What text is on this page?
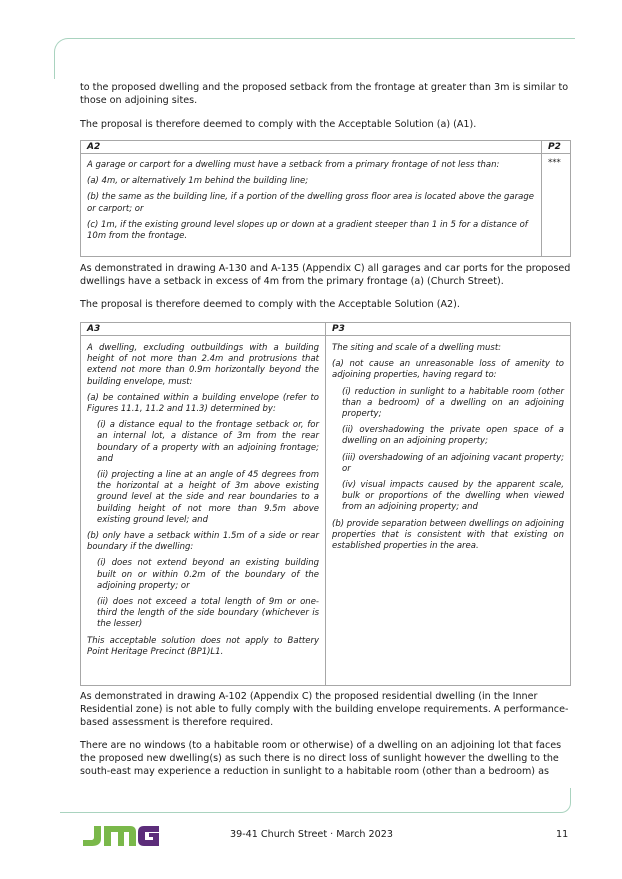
to the proposed dwelling and the proposed setback from the frontage at greater than 3m is similar to those on adjoining sites.

The proposal is therefore deemed to comply with the Acceptable Solution (a) (A1).

A2

A garage or carport for a dwelling must have a setback from a primary frontage of not less than:

(a) 4m, or alternatively 1m behind the building line;

(b) the same as the building line, if a portion of the dwelling gross floor area is located above the garage or carport; or

(c) 1m, if the existing ground level slopes up or down at a gradient steeper than 1 in 5 for a distance of 10m from the frontage.

P2
***

As demonstrated in drawing A-130 and A-135 (Appendix C) all garages and car ports for the proposed dwellings have a setback in excess of 4m from the primary frontage (a) (Church Street).

The proposal is therefore deemed to comply with the Acceptable Solution (A2).

A3

A dwelling, excluding outbuildings with a building height of not more than 2.4m and protrusions that extend not more than 0.9m horizontally beyond the building envelope, must:

(a) be contained within a building envelope (refer to Figures 11.1, 11.2 and 11.3) determined by:

(i) a distance equal to the frontage setback or, for an internal lot, a distance of 3m from the rear boundary of a property with an adjoining frontage; and

(ii) projecting a line at an angle of 45 degrees from the horizontal at a height of 3m above existing ground level at the side and rear boundaries to a building height of not more than 9.5m above existing ground level; and

(b) only have a setback within 1.5m of a side or rear boundary if the dwelling:

(i) does not extend beyond an existing building built on or within 0.2m of the boundary of the adjoining property; or

(ii) does not exceed a total length of 9m or one-third the length of the side boundary (whichever is the lesser)

This acceptable solution does not apply to Battery Point Heritage Precinct (BP1)L1.

P3

The siting and scale of a dwelling must:

(a) not cause an unreasonable loss of amenity to adjoining properties, having regard to:

(i) reduction in sunlight to a habitable room (other than a bedroom) of a dwelling on an adjoining property;

(ii) overshadowing the private open space of a dwelling on an adjoining property;

(iii) overshadowing of an adjoining vacant property; or

(iv) visual impacts caused by the apparent scale, bulk or proportions of the dwelling when viewed from an adjoining property; and

(b) provide separation between dwellings on adjoining properties that is consistent with that existing on established properties in the area.

As demonstrated in drawing A-102 (Appendix C) the proposed residential dwelling (in the Inner Residential zone) is not able to fully comply with the building envelope requirements. A performance-based assessment is therefore required.

There are no windows (to a habitable room or otherwise) of a dwelling on an adjoining lot that faces the proposed new dwelling(s) as such there is no direct loss of sunlight however the dwelling to the south-east may experience a reduction in sunlight to a habitable room (other than a bedroom) as

39-41 Church Street · March 2023	11
